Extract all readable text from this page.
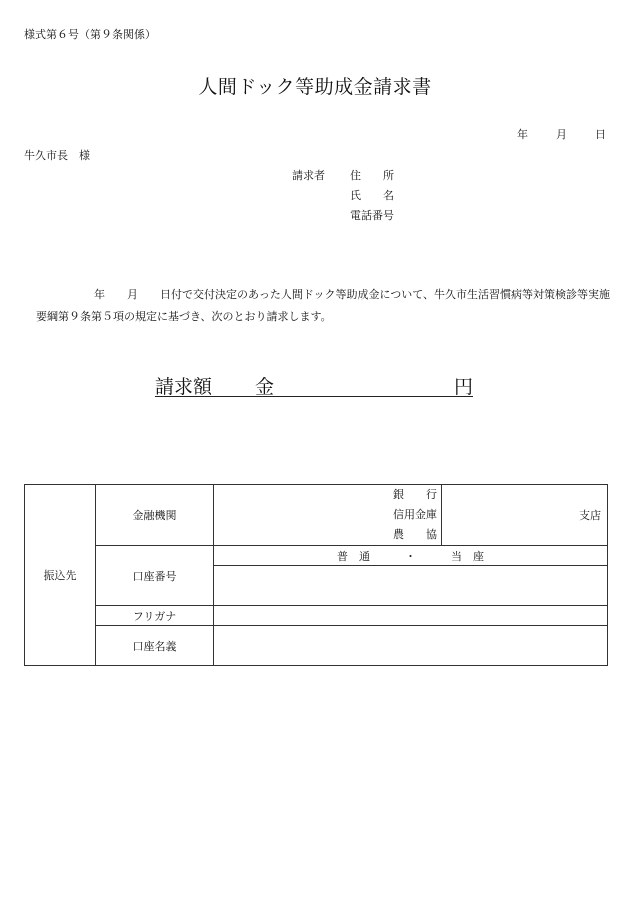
様式第６号（第９条関係）
人間ドック等助成金請求書
年	月	日
牛久市長　様
請求者 住　　所
氏　　名
電話番号
年　　月　　日付で交付決定のあった人間ドック等助成金について、牛久市生活習慣病等対策検診等実施要綱第９条第５項の規定に基づき、次のとおり請求します。
請求額 金	円
振込先	金融機関	銀　　行
信用金庫
農　　協	支店
	口座番号	普　通 ・ 当　座	

	フリガナ		
	口座名義		
